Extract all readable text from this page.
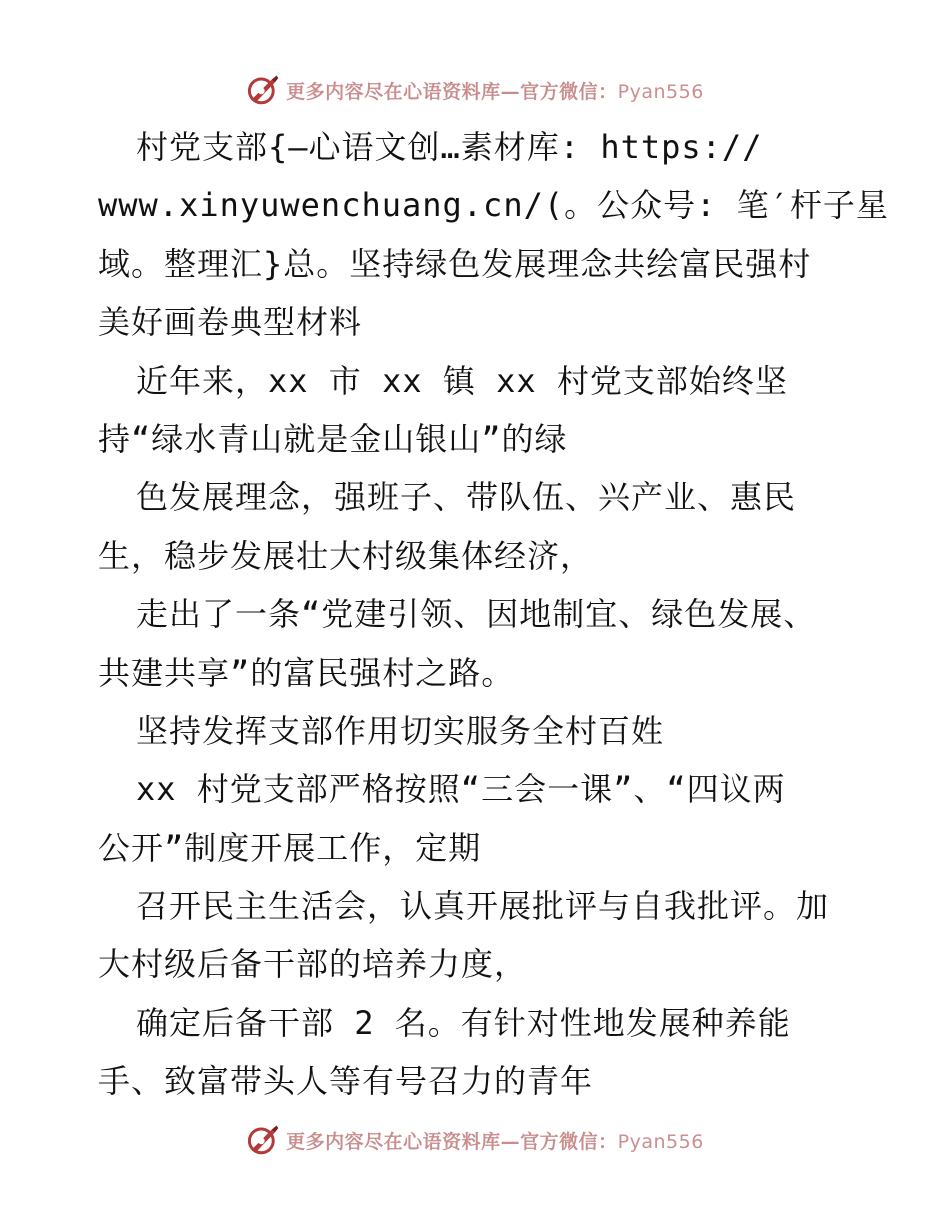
更多内容尽在心语资料库—官方微信：Pyan556
村党支部{—心语文创…素材库: https://
www.xinyuwenchuang.cn/(。公众号: 笔′杆子星
域。整理汇}总。坚持绿色发展理念共绘富民强村
美好画卷典型材料
近年来，xx 市 xx 镇 xx 村党支部始终坚
持“绿水青山就是金山银山”的绿
色发展理念，强班子、带队伍、兴产业、惠民
生，稳步发展壮大村级集体经济，
走出了一条“党建引领、因地制宜、绿色发展、
共建共享”的富民强村之路。
坚持发挥支部作用切实服务全村百姓
xx 村党支部严格按照“三会一课”、“四议两
公开”制度开展工作，定期
召开民主生活会，认真开展批评与自我批评。加
大村级后备干部的培养力度，
确定后备干部 2 名。有针对性地发展种养能
手、致富带头人等有号召力的青年
更多内容尽在心语资料库—官方微信：Pyan556
